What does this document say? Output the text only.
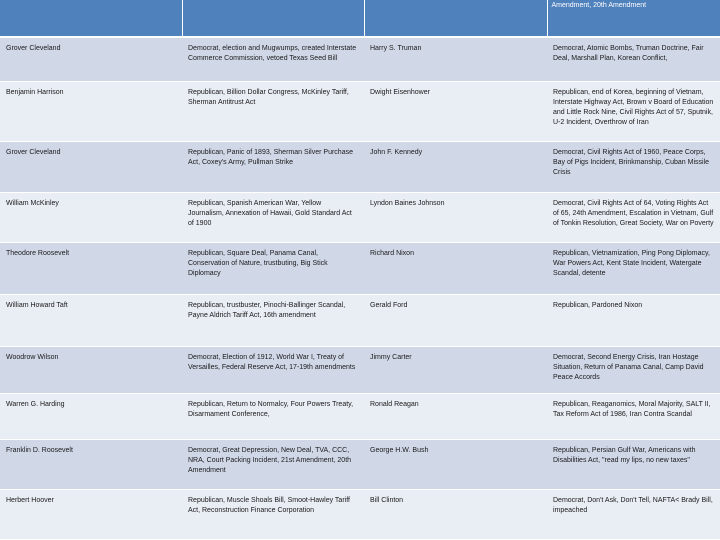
			Amendment, 20th Amendment
Grover Cleveland	Democrat, election and Mugwumps, created Interstate Commerce Commission, vetoed Texas Seed Bill	Harry S. Truman	Democrat, Atomic Bombs, Truman Doctrine, Fair Deal, Marshall Plan, Korean Conflict,
Benjamin Harrison	Republican, Billion Dollar Congress, McKinley Tariff, Sherman Antitrust Act	Dwight Eisenhower	Republican, end of Korea, beginning of Vietnam, Interstate Highway Act, Brown v Board of Education and Little Rock Nine, Civil Rights Act of 57, Sputnik, U-2 Incident, Overthrow of Iran
Grover Cleveland	Republican, Panic of 1893, Sherman Silver Purchase Act, Coxey's Army, Pullman Strike	John F. Kennedy	Democrat, Civil Rights Act of 1960, Peace Corps, Bay of Pigs Incident, Brinkmanship, Cuban Missile Crisis
William McKinley	Republican, Spanish American War, Yellow Journalism, Annexation of Hawaii, Gold Standard Act of 1900	Lyndon Baines Johnson	Democrat, Civil Rights Act of 64, Voting Rights Act of 65, 24th Amendment, Escalation in Vietnam, Gulf of Tonkin Resolution, Great Society, War on Poverty
Theodore Roosevelt	Republican, Square Deal, Panama Canal, Conservation of Nature, trustbuting, Big Stick Diplomacy	Richard Nixon	Republican, Vietnamization, Ping Pong Diplomacy, War Powers Act, Kent State Incident, Watergate Scandal, detente
William Howard Taft	Republican, trustbuster, Pinochi-Ballinger Scandal, Payne Aldrich Tariff Act, 16th amendment	Gerald Ford	Republican, Pardoned Nixon
Woodrow Wilson	Democrat, Election of 1912, World War I, Treaty of Versailles, Federal Reserve Act, 17-19th amendments	Jimmy Carter	Democrat, Second Energy Crisis, Iran Hostage Situation, Return of Panama Canal, Camp David Peace Accords
Warren G. Harding	Republican, Return to Normalcy, Four Powers Treaty, Disarmament Conference,	Ronald Reagan	Republican, Reaganomics, Moral Majority, SALT II, Tax Reform Act of 1986, Iran Contra Scandal
Franklin D. Roosevelt	Democrat, Great Depression, New Deal, TVA, CCC, NRA, Court Packing Incident, 21st Amendment, 20th Amendment	George H.W. Bush	Republican, Persian Gulf War, Americans with Disabilities Act, "read my lips, no new taxes"
Herbert Hoover	Republican, Muscle Shoals Bill, Smoot-Hawley Tariff Act, Reconstruction Finance Corporation	Bill Clinton	Democrat, Don't Ask, Don't Tell, NAFTA< Brady Bill, impeached
